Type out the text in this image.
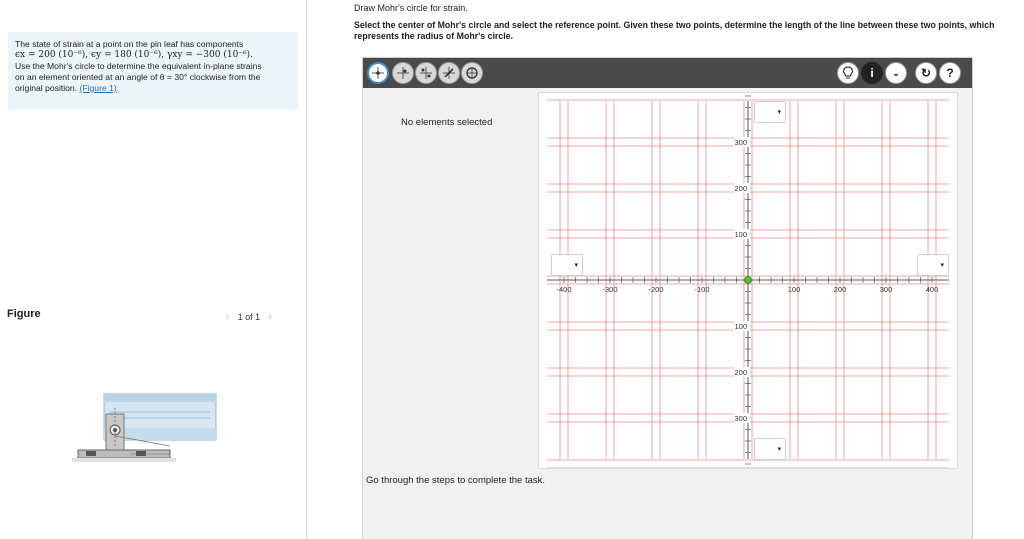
The state of strain at a point on the pin leaf has components
ϵx = 200 (10⁻⁶), ϵy = 180 (10⁻⁶), γxy = −300 (10⁻⁶).
Use the Mohr's circle to determine the equivalent in-plane strains
on an element oriented at an angle of θ = 30° clockwise from the
original position. (Figure 1)
Figure	‹ 1 of 1 ›
Draw Mohr's circle for strain.
Select the center of Mohr's circle and select the reference point. Given these two points, determine the length of the line between these two points, which represents the radius of Mohr's circle.
i	⌄	↻	?
No elements selected
-400	-300	-200	-100	100	200	300	400
300
200
100
100
200
300
▾
▾	▾
▾
Go through the steps to complete the task.
